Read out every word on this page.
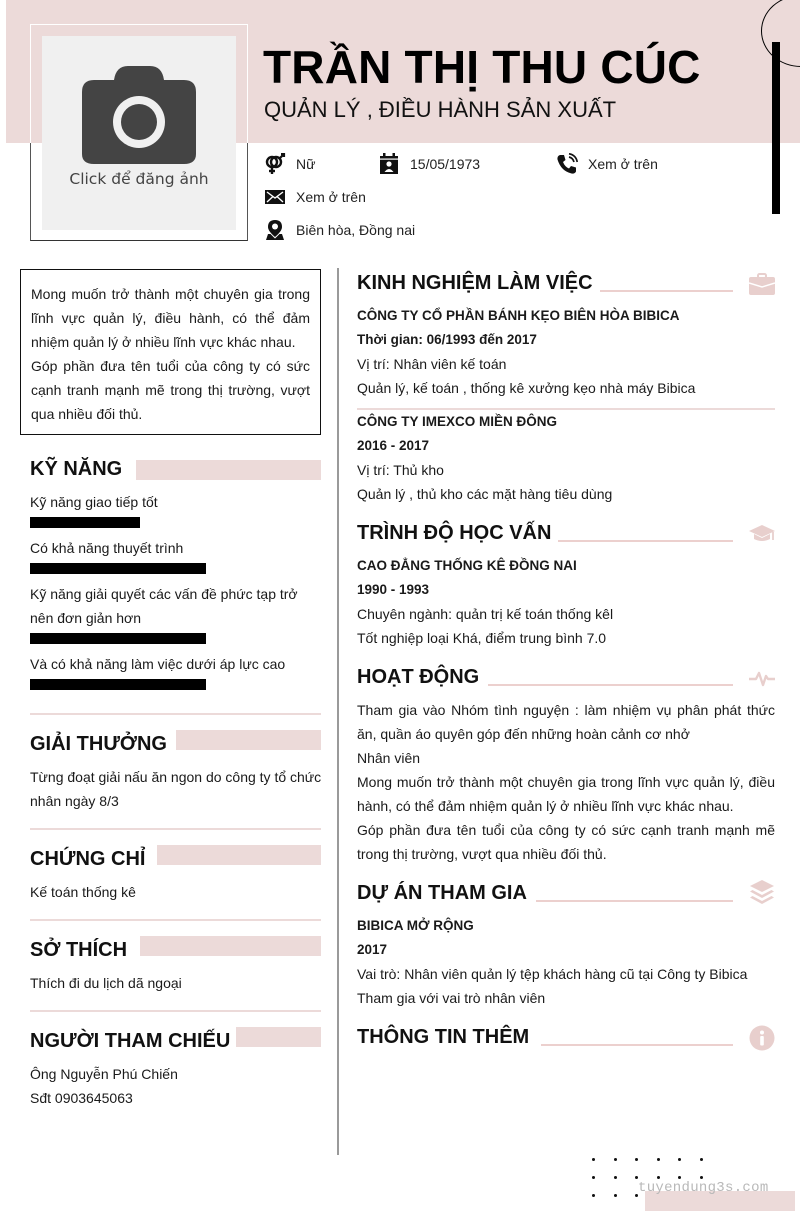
Click để đăng ảnh
TRẦN THỊ THU CÚC
QUẢN LÝ , ĐIỀU HÀNH SẢN XUẤT
Nữ	15/05/1973	Xem ở trên
Xem ở trên
Biên hòa, Đồng nai
Mong muốn trở thành một chuyên gia trong lĩnh vực quản lý, điều hành, có thể đảm nhiệm quản lý ở nhiều lĩnh vực khác nhau.
Góp phần đưa tên tuổi của công ty có sức cạnh tranh mạnh mẽ trong thị trường, vượt qua nhiều đối thủ.
KỸ NĂNG
Kỹ năng giao tiếp tốt
Có khả năng thuyết trình
Kỹ năng giải quyết các vấn đề phức tạp trở nên đơn giản hơn
Và có khả năng làm việc dưới áp lực cao
GIẢI THƯỞNG
Từng đoạt giải nấu ăn ngon do công ty tổ chức nhân ngày 8/3
CHỨNG CHỈ
Kế toán thống kê
SỞ THÍCH
Thích đi du lịch dã ngoại
NGƯỜI THAM CHIẾU
Ông Nguyễn Phú Chiến
Sđt 0903645063
KINH NGHIỆM LÀM VIỆC
CÔNG TY CỔ PHẦN BÁNH KẸO BIÊN HÒA BIBICA
Thời gian: 06/1993 đến 2017
Vị trí: Nhân viên kế toán
Quản lý, kế toán , thống kê xưởng kẹo nhà máy Bibica
CÔNG TY IMEXCO MIỀN ĐÔNG
2016 - 2017
Vị trí: Thủ kho
Quản lý , thủ kho các mặt hàng tiêu dùng
TRÌNH ĐỘ HỌC VẤN
CAO ĐẲNG THỐNG KÊ ĐỒNG NAI
1990 - 1993
Chuyên ngành: quản trị kế toán thống kêl
Tốt nghiệp loại Khá, điểm trung bình 7.0
HOẠT ĐỘNG
Tham gia vào Nhóm tình nguyện : làm nhiệm vụ phân phát thức ăn, quần áo quyên góp đến những hoàn cảnh cơ nhở
Nhân viên
Mong muốn trở thành một chuyên gia trong lĩnh vực quản lý, điều hành, có thể đảm nhiệm quản lý ở nhiều lĩnh vực khác nhau.
Góp phần đưa tên tuổi của công ty có sức cạnh tranh mạnh mẽ trong thị trường, vượt qua nhiều đối thủ.
DỰ ÁN THAM GIA
BIBICA MỞ RỘNG
2017
Vai trò: Nhân viên quản lý tệp khách hàng cũ tại Công ty Bibica
Tham gia với vai trò nhân viên
THÔNG TIN THÊM
tuyendung3s.com
